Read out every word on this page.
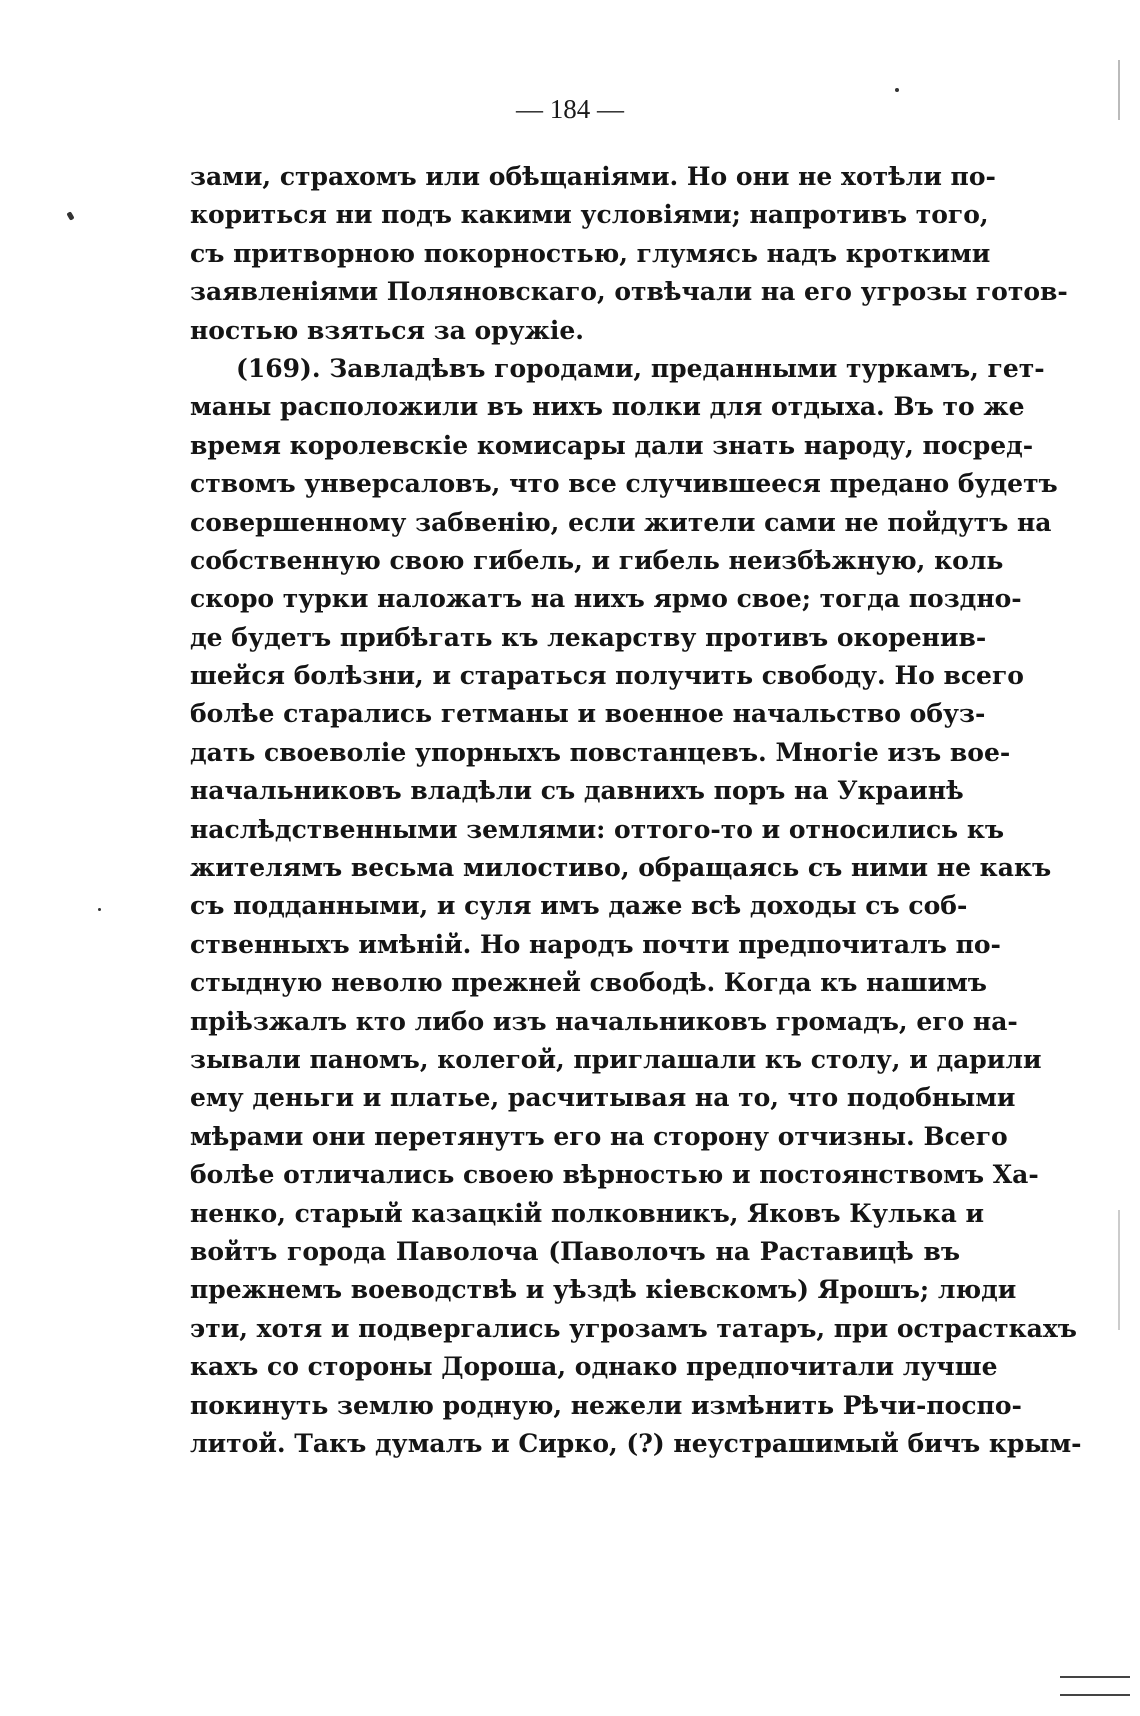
— 184 —
зами, страхомъ или обѣщаніями. Но они не хотѣли по-
кориться ни подъ какими условіями; напротивъ того,
съ притворною покорностью, глумясь надъ кроткими
заявленіями Поляновскаго, отвѣчали на его угрозы готов-
ностью взяться за оружіе.
(169). Завладѣвъ городами, преданными туркамъ, гет-
маны расположили въ нихъ полки для отдыха. Въ то же
время королевскіе комисары дали знать народу, посред-
ствомъ унверсаловъ, что все случившееся предано будетъ
совершенному забвенію, если жители сами не пойдутъ на
собственную свою гибель, и гибель неизбѣжную, коль
скоро турки наложатъ на нихъ ярмо свое; тогда поздно-
де будетъ прибѣгать къ лекарству противъ окоренив-
шейся болѣзни, и стараться получить свободу. Но всего
болѣе старались гетманы и военное начальство обуз-
дать своеволіе упорныхъ повстанцевъ. Многіе изъ вое-
начальниковъ владѣли съ давнихъ поръ на Украинѣ
наслѣдственными землями: оттого-то и относились къ
жителямъ весьма милостиво, обращаясь съ ними не какъ
съ подданными, и суля имъ даже всѣ доходы съ соб-
ственныхъ имѣній. Но народъ почти предпочиталъ по-
стыдную неволю прежней свободѣ. Когда къ нашимъ
пріѣзжалъ кто либо изъ начальниковъ громадъ, его на-
зывали паномъ, колегой, приглашали къ столу, и дарили
ему деньги и платье, расчитывая на то, что подобными
мѣрами они перетянутъ его на сторону отчизны. Всего
болѣе отличались своею вѣрностью и постоянствомъ Ха-
ненко, старый казацкій полковникъ, Яковъ Кулька и
войтъ города Паволоча (Паволочъ на Раставицѣ въ
прежнемъ воеводствѣ и уѣздѣ кіевскомъ) Ярошъ; люди
эти, хотя и подвергались угрозамъ татаръ, при острасткахъ
кахъ со стороны Дороша, однако предпочитали лучше
покинуть землю родную, нежели измѣнить Рѣчи-поспо-
литой. Такъ думалъ и Сирко, (?) неустрашимый бичъ крым-
